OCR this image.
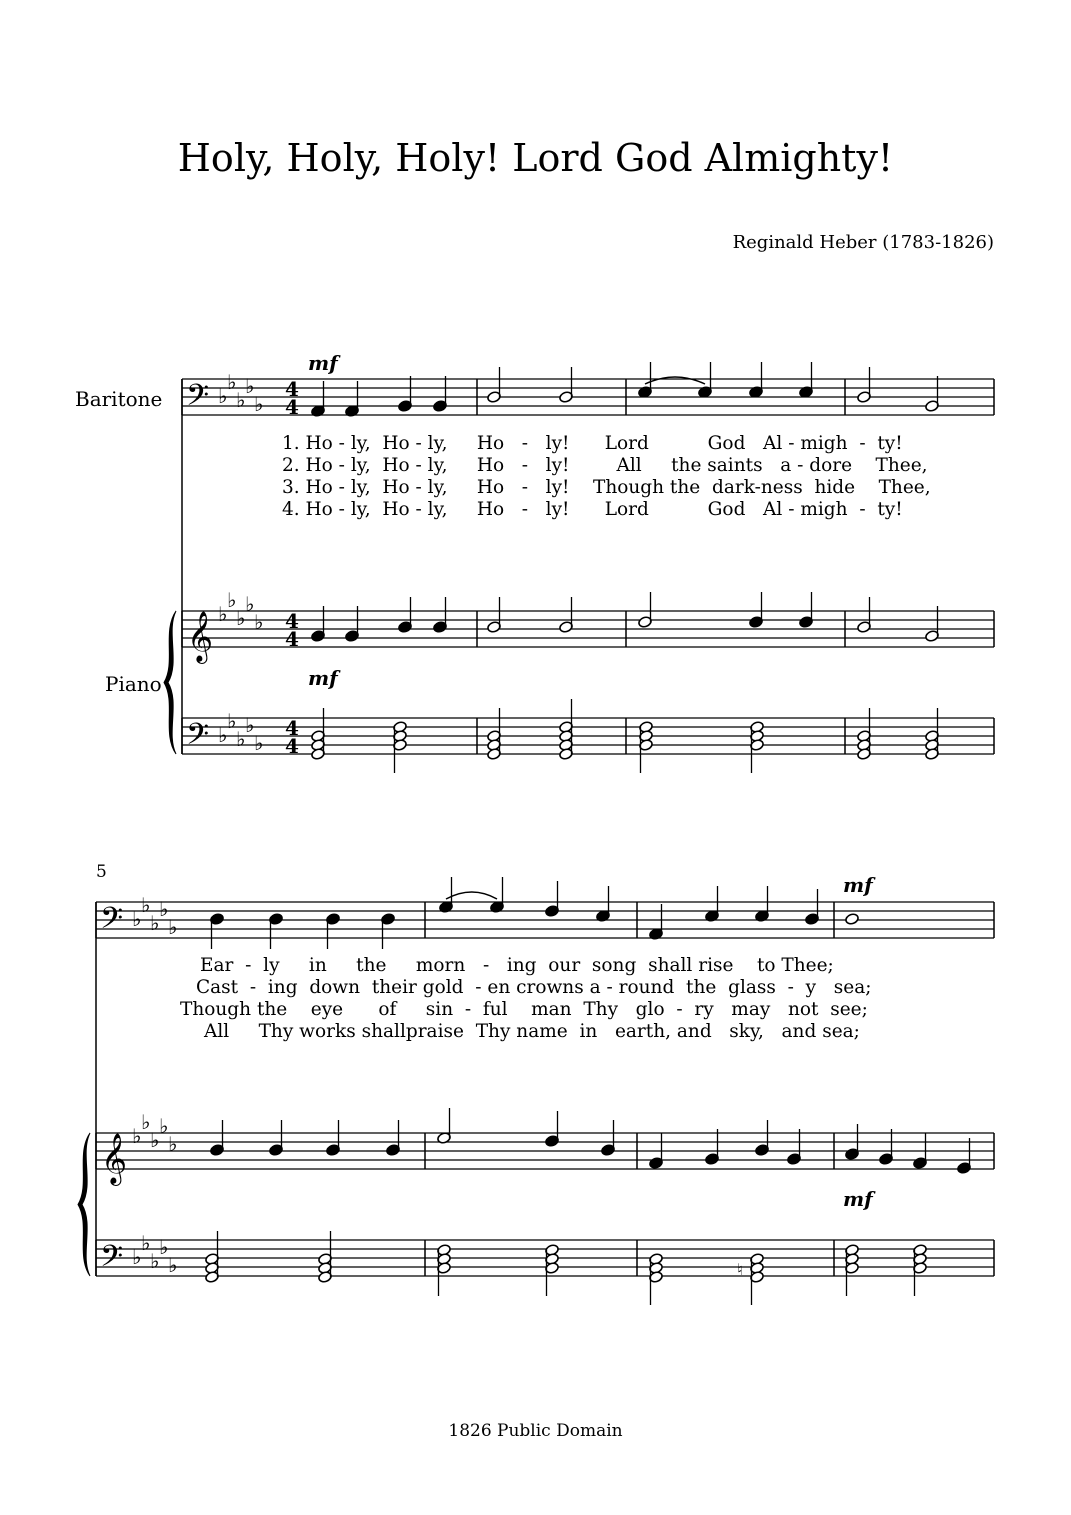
Holy, Holy, Holy! Lord God Almighty!
Reginald Heber (1783-1826)
Baritone
Piano
5
1. Ho - ly,  Ho - ly,     Ho   -   ly!      Lord          God   Al - migh  -  ty!
2. Ho - ly,  Ho - ly,     Ho   -   ly!        All     the saints   a - dore    Thee,
3. Ho - ly,  Ho - ly,     Ho   -   ly!    Though the  dark-ness  hide    Thee,
4. Ho - ly,  Ho - ly,     Ho   -   ly!      Lord          God   Al - migh  -  ty!
Ear  -  ly     in     the     morn   -   ing  our  song  shall rise    to Thee;
Cast  -  ing  down  their gold  - en crowns a - round  the  glass  -  y   sea;
Though the    eye      of     sin  -  ful    man  Thy   glo  -  ry   may   not  see;
All     Thy works shallpraise  Thy name  in   earth, and   sky,   and sea;
1826 Public Domain
𝄢
𝄞
𝄢
♭
♭
♭
♭
♭
♭
♭
♭
♭
♭
♭
♭
♭
♭
♭
4
4
4
4
4
4
𝄢
𝄞
𝄢
♭
♭
♭
♭
♭
♭
♭
♭
♭
♭
♭
♭
♭
♭
♭	♮
mf
mf
mf
mf
